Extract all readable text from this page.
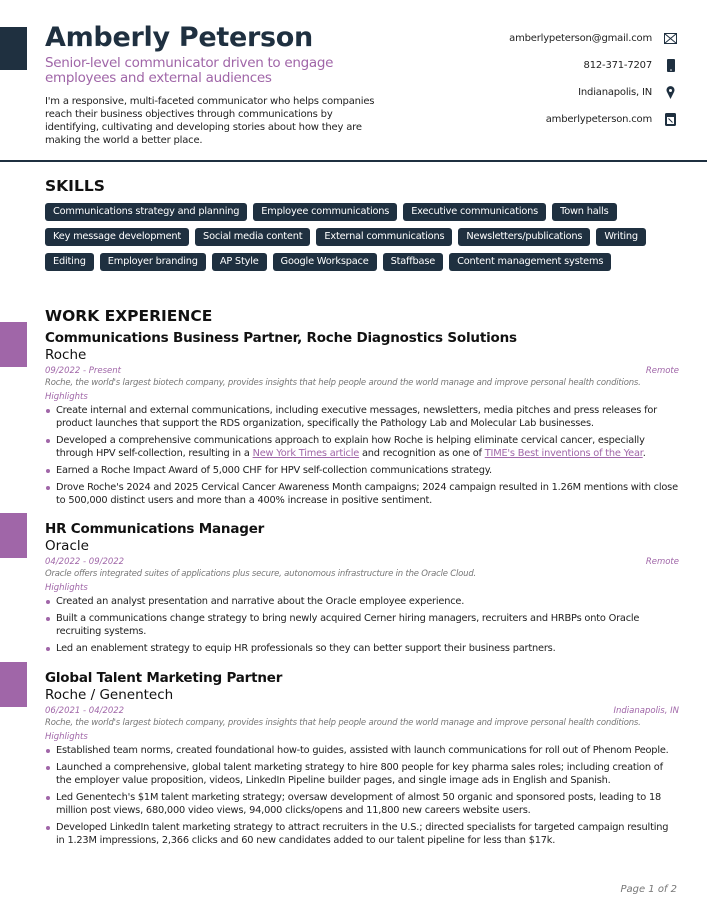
Amberly Peterson
Senior-level communicator driven to engage employees and external audiences

I'm a responsive, multi-faceted communicator who helps companies reach their business objectives through communications by identifying, cultivating and developing stories about how they are making the world a better place.

amberlypeterson@gmail.com
812-371-7207
Indianapolis, IN
amberlypeterson.com
SKILLS
Communications strategy and planning	Employee communications	Executive communications	Town halls
Key message development	Social media content	External communications	Newsletters/publications	Writing
Editing	Employer branding	AP Style	Google Workspace	Staffbase	Content management systems
WORK EXPERIENCE
Communications Business Partner, Roche Diagnostics Solutions
Roche
09/2022 - Present	Remote
Roche, the world's largest biotech company, provides insights that help people around the world manage and improve personal health conditions.
Highlights
Create internal and external communications, including executive messages, newsletters, media pitches and press releases for product launches that support the RDS organization, specifically the Pathology Lab and Molecular Lab businesses.
Developed a comprehensive communications approach to explain how Roche is helping eliminate cervical cancer, especially through HPV self-collection, resulting in a New York Times article and recognition as one of TIME's Best inventions of the Year.
Earned a Roche Impact Award of 5,000 CHF for HPV self-collection communications strategy.
Drove Roche's 2024 and 2025 Cervical Cancer Awareness Month campaigns; 2024 campaign resulted in 1.26M mentions with close to 500,000 distinct users and more than a 400% increase in positive sentiment.
HR Communications Manager
Oracle
04/2022 - 09/2022	Remote
Oracle offers integrated suites of applications plus secure, autonomous infrastructure in the Oracle Cloud.
Highlights
Created an analyst presentation and narrative about the Oracle employee experience.
Built a communications change strategy to bring newly acquired Cerner hiring managers, recruiters and HRBPs onto Oracle recruiting systems.
Led an enablement strategy to equip HR professionals so they can better support their business partners.
Global Talent Marketing Partner
Roche / Genentech
06/2021 - 04/2022	Indianapolis, IN
Roche, the world's largest biotech company, provides insights that help people around the world manage and improve personal health conditions.
Highlights
Established team norms, created foundational how-to guides, assisted with launch communications for roll out of Phenom People.
Launched a comprehensive, global talent marketing strategy to hire 800 people for key pharma sales roles; including creation of the employer value proposition, videos, LinkedIn Pipeline builder pages, and single image ads in English and Spanish.
Led Genentech's $1M talent marketing strategy; oversaw development of almost 50 organic and sponsored posts, leading to 18 million post views, 680,000 video views, 94,000 clicks/opens and 11,800 new careers website users.
Developed LinkedIn talent marketing strategy to attract recruiters in the U.S.; directed specialists for targeted campaign resulting in 1.23M impressions, 2,366 clicks and 60 new candidates added to our talent pipeline for less than $17k.
Page 1 of 2
